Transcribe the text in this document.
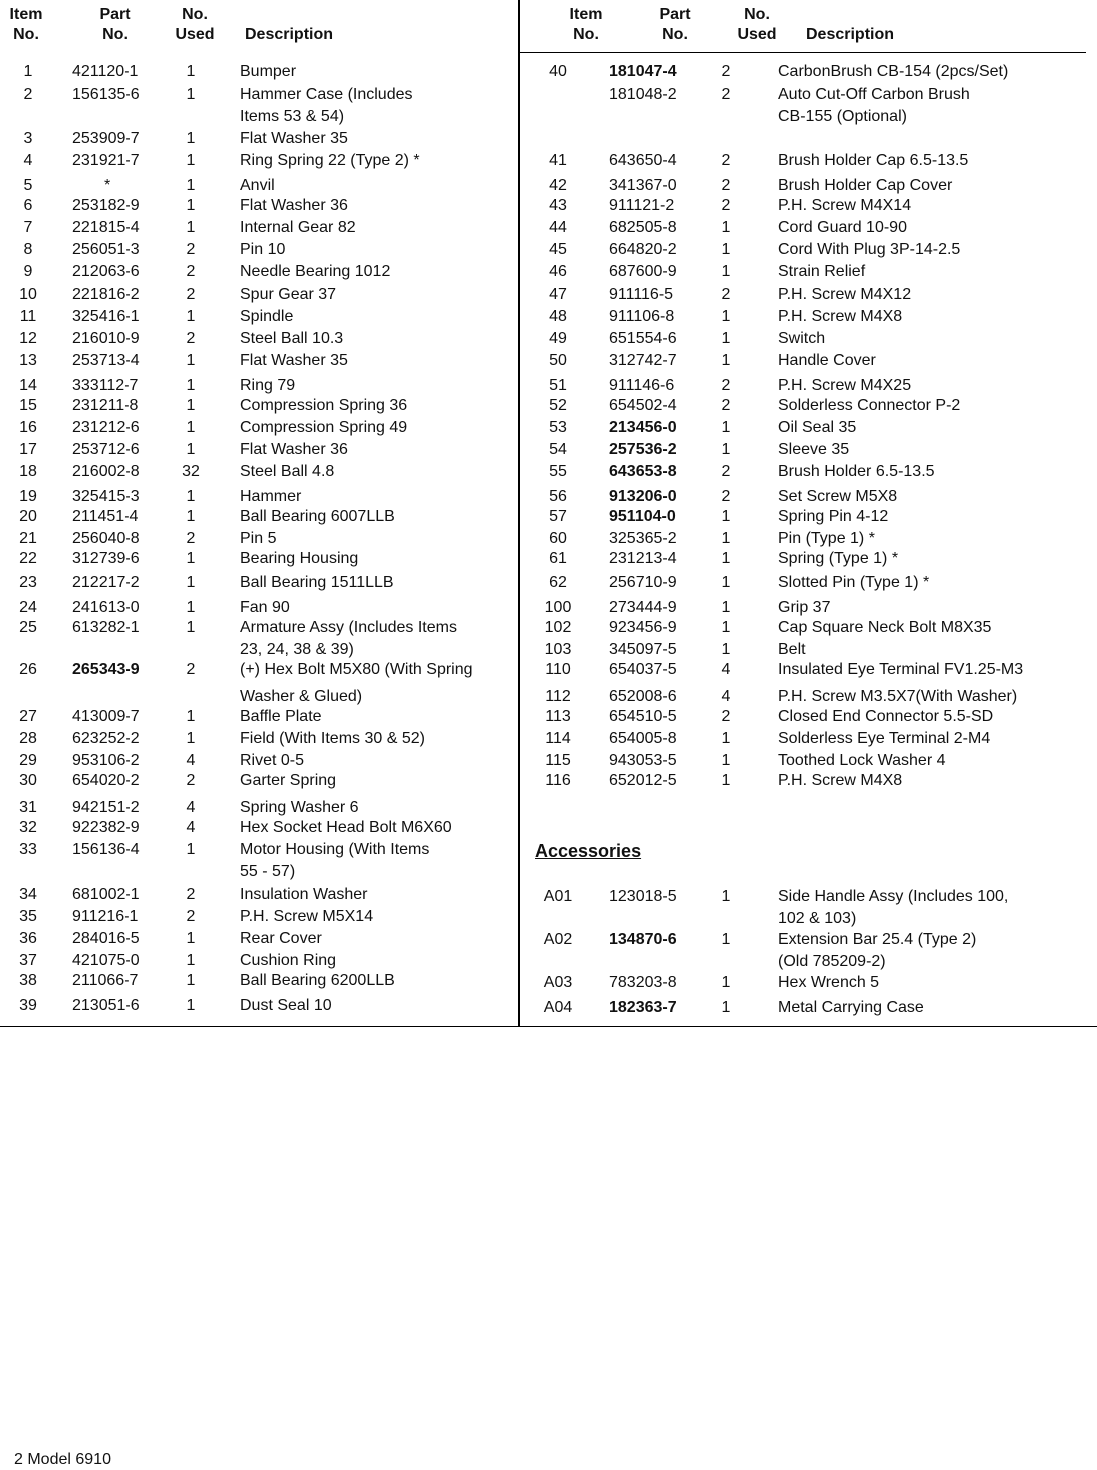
Item
No.
Part
No.
No.
Used	Description
Item
No.
Part
No.
No.
Used	Description
1	421120-1	1	Bumper
2	156135-6	1	Hammer Case (Includes
Items 53 & 54)
3	253909-7	1	Flat Washer 35
4	231921-7	1	Ring Spring 22 (Type 2) *
5	*	1	Anvil
6	253182-9	1	Flat Washer 36
7	221815-4	1	Internal Gear 82
8	256051-3	2	Pin 10
9	212063-6	2	Needle Bearing 1012
10	221816-2	2	Spur Gear 37
11	325416-1	1	Spindle
12	216010-9	2	Steel Ball 10.3
13	253713-4	1	Flat Washer 35
14	333112-7	1	Ring 79
15	231211-8	1	Compression Spring 36
16	231212-6	1	Compression Spring 49
17	253712-6	1	Flat Washer 36
18	216002-8	32	Steel Ball 4.8
19	325415-3	1	Hammer
20	211451-4	1	Ball Bearing 6007LLB
21	256040-8	2	Pin 5
22	312739-6	1	Bearing Housing
23	212217-2	1	Ball Bearing 1511LLB
24	241613-0	1	Fan 90
25	613282-1	1	Armature Assy (Includes Items
23, 24, 38 & 39)
26	265343-9	2	(+) Hex Bolt M5X80 (With Spring
Washer & Glued)
27	413009-7	1	Baffle Plate
28	623252-2	1	Field (With Items 30 & 52)
29	953106-2	4	Rivet 0-5
30	654020-2	2	Garter Spring
31	942151-2	4	Spring Washer 6
32	922382-9	4	Hex Socket Head Bolt M6X60
33	156136-4	1	Motor Housing (With Items
55 - 57)
34	681002-1	2	Insulation Washer
35	911216-1	2	P.H. Screw M5X14
36	284016-5	1	Rear Cover
37	421075-0	1	Cushion Ring
38	211066-7	1	Ball Bearing 6200LLB
39	213051-6	1	Dust Seal 10
40	181047-4	2	CarbonBrush CB-154 (2pcs/Set)
181048-2	2	Auto Cut-Off Carbon Brush
CB-155 (Optional)
41	643650-4	2	Brush Holder Cap 6.5-13.5
42	341367-0	2	Brush Holder Cap Cover
43	911121-2	2	P.H. Screw M4X14
44	682505-8	1	Cord Guard 10-90
45	664820-2	1	Cord With Plug 3P-14-2.5
46	687600-9	1	Strain Relief
47	911116-5	2	P.H. Screw M4X12
48	911106-8	1	P.H. Screw M4X8
49	651554-6	1	Switch
50	312742-7	1	Handle Cover
51	911146-6	2	P.H. Screw M4X25
52	654502-4	2	Solderless Connector P-2
53	213456-0	1	Oil Seal 35
54	257536-2	1	Sleeve 35
55	643653-8	2	Brush Holder 6.5-13.5
56	913206-0	2	Set Screw M5X8
57	951104-0	1	Spring Pin 4-12
60	325365-2	1	Pin (Type 1) *
61	231213-4	1	Spring (Type 1) *
62	256710-9	1	Slotted Pin (Type 1) *
100	273444-9	1	Grip 37
102	923456-9	1	Cap Square Neck Bolt M8X35
103	345097-5	1	Belt
110	654037-5	4	Insulated Eye Terminal FV1.25-M3
112	652008-6	4	P.H. Screw M3.5X7(With Washer)
113	654510-5	2	Closed End Connector 5.5-SD
114	654005-8	1	Solderless Eye Terminal 2-M4
115	943053-5	1	Toothed Lock Washer 4
116	652012-5	1	P.H. Screw M4X8
A01	123018-5	1	Side Handle Assy (Includes 100,
102 & 103)
A02	134870-6	1	Extension Bar 25.4 (Type 2)
(Old 785209-2)
A03	783203-8	1	Hex Wrench 5
A04	182363-7	1	Metal Carrying Case
Accessories
2 Model 6910
